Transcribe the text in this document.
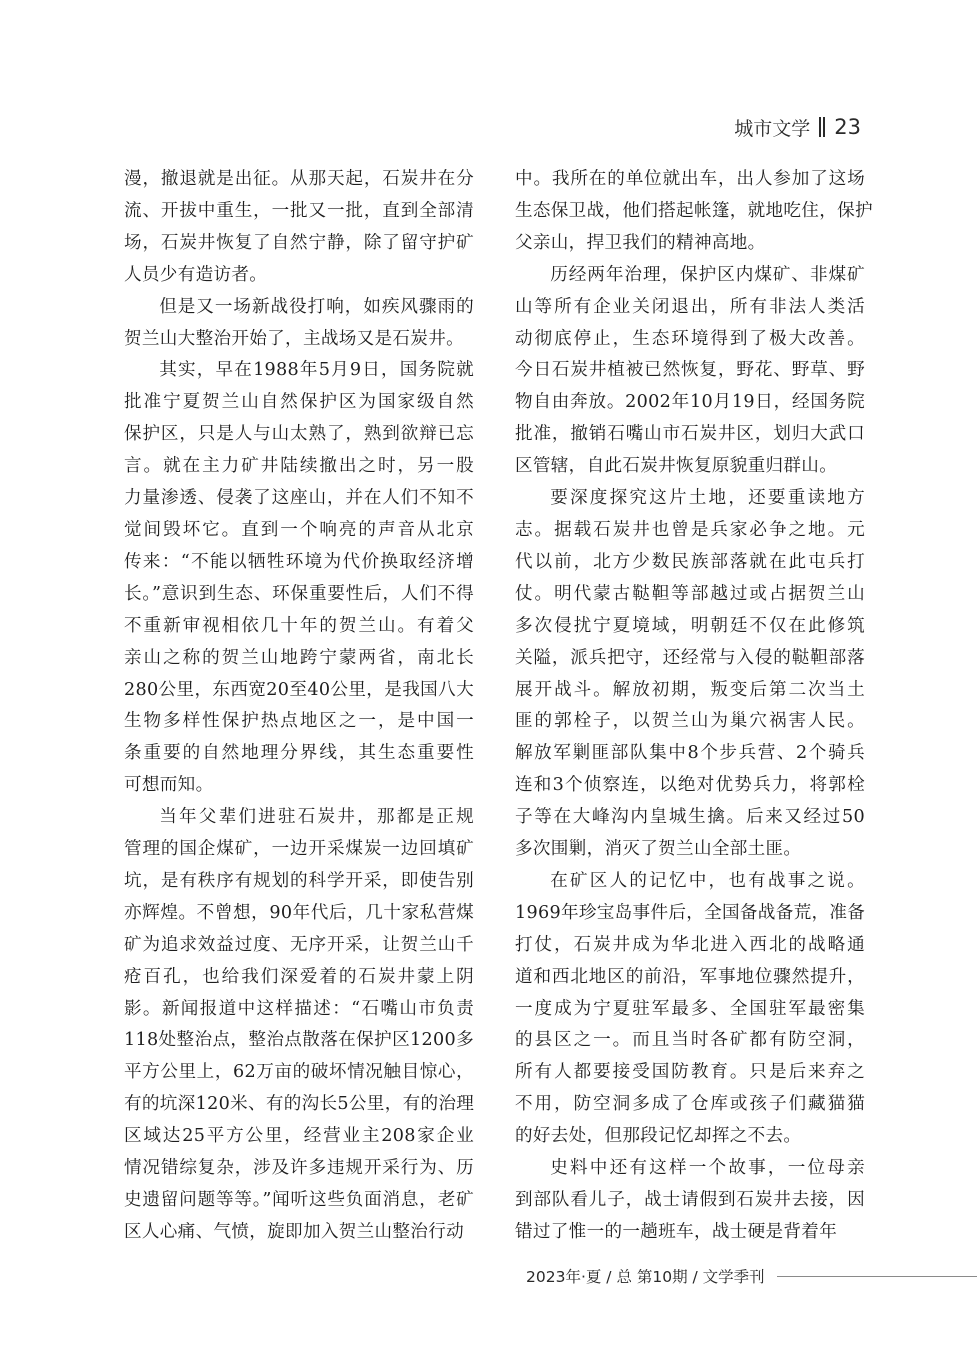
城市文学 23

漫，撤退就是出征。从那天起，石炭井在分
流、开拔中重生，一批又一批，直到全部清
场，石炭井恢复了自然宁静，除了留守护矿
人员少有造访者。

但是又一场新战役打响，如疾风骤雨的
贺兰山大整治开始了，主战场又是石炭井。

其实，早在1988年5月9日，国务院就
批准宁夏贺兰山自然保护区为国家级自然
保护区，只是人与山太熟了，熟到欲辩已忘
言。就在主力矿井陆续撤出之时，另一股
力量渗透、侵袭了这座山，并在人们不知不
觉间毁坏它。直到一个响亮的声音从北京
传来：“不能以牺牲环境为代价换取经济增
长。”意识到生态、环保重要性后，人们不得
不重新审视相依几十年的贺兰山。有着父
亲山之称的贺兰山地跨宁蒙两省，南北长
280公里，东西宽20至40公里，是我国八大
生物多样性保护热点地区之一，是中国一
条重要的自然地理分界线，其生态重要性
可想而知。

当年父辈们进驻石炭井，那都是正规
管理的国企煤矿，一边开采煤炭一边回填矿
坑，是有秩序有规划的科学开采，即使告别
亦辉煌。不曾想，90年代后，几十家私营煤
矿为追求效益过度、无序开采，让贺兰山千
疮百孔，也给我们深爱着的石炭井蒙上阴
影。新闻报道中这样描述：“石嘴山市负责
118处整治点，整治点散落在保护区1200多
平方公里上，62万亩的破坏情况触目惊心，
有的坑深120米、有的沟长5公里，有的治理
区域达25平方公里，经营业主208家企业
情况错综复杂，涉及许多违规开采行为、历
史遗留问题等等。”闻听这些负面消息，老矿
区人心痛、气愤，旋即加入贺兰山整治行动

中。我所在的单位就出车，出人参加了这场
生态保卫战，他们搭起帐篷，就地吃住，保护
父亲山，捍卫我们的精神高地。

历经两年治理，保护区内煤矿、非煤矿
山等所有企业关闭退出，所有非法人类活
动彻底停止，生态环境得到了极大改善。
今日石炭井植被已然恢复，野花、野草、野
物自由奔放。2002年10月19日，经国务院
批准，撤销石嘴山市石炭井区，划归大武口
区管辖，自此石炭井恢复原貌重归群山。

要深度探究这片土地，还要重读地方
志。据载石炭井也曾是兵家必争之地。元
代以前，北方少数民族部落就在此屯兵打
仗。明代蒙古鞑靼等部越过或占据贺兰山
多次侵扰宁夏境域，明朝廷不仅在此修筑
关隘，派兵把守，还经常与入侵的鞑靼部落
展开战斗。解放初期，叛变后第二次当土
匪的郭栓子，以贺兰山为巢穴祸害人民。
解放军剿匪部队集中8个步兵营、2个骑兵
连和3个侦察连，以绝对优势兵力，将郭栓
子等在大峰沟内皇城生擒。后来又经过50
多次围剿，消灭了贺兰山全部土匪。

在矿区人的记忆中，也有战事之说。
1969年珍宝岛事件后，全国备战备荒，准备
打仗，石炭井成为华北进入西北的战略通
道和西北地区的前沿，军事地位骤然提升，
一度成为宁夏驻军最多、全国驻军最密集
的县区之一。而且当时各矿都有防空洞，
所有人都要接受国防教育。只是后来弃之
不用，防空洞多成了仓库或孩子们藏猫猫
的好去处，但那段记忆却挥之不去。

史料中还有这样一个故事，一位母亲
到部队看儿子，战士请假到石炭井去接，因
错过了惟一的一趟班车，战士硬是背着年

2023年·夏 / 总 第10期 / 文学季刊
